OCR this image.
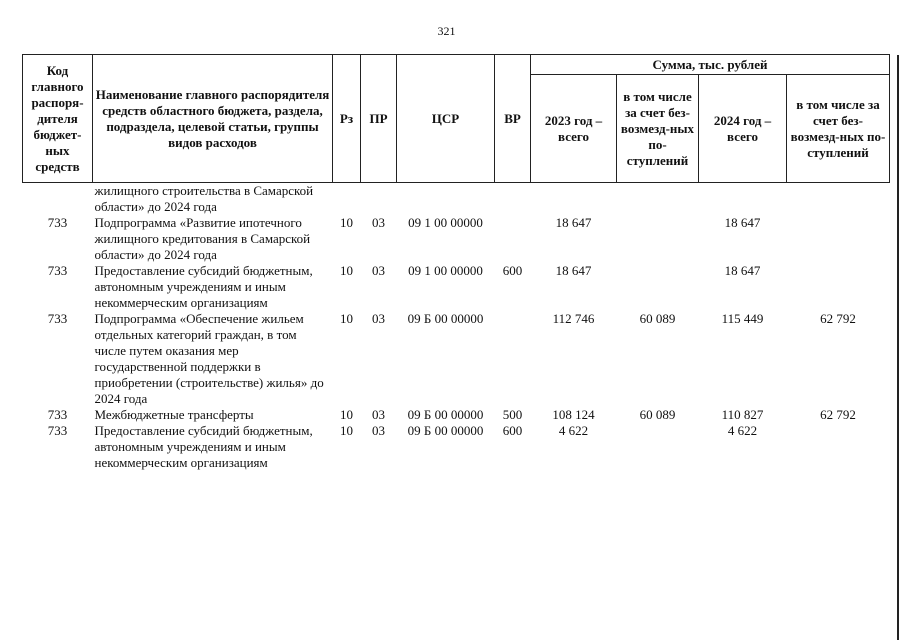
321
Код главного распоря-дителя бюджет-ных средств	Наименование главного распорядителя средств областного бюджета, раздела, подраздела, целевой статьи, группы видов расходов	Рз	ПР	ЦСР	ВР	Сумма, тыс. рублей			
						2023 год – всего	в том числе за счет без-возмезд-ных по-ступлений	2024 год – всего	в том числе за счет без-возмезд-ных по-ступлений
	жилищного строительства в Самарской области» до 2024 года								
733	Подпрограмма «Развитие ипотечного жилищного кредитования в Самарской области» до 2024 года	10	03	09 1 00 00000		18 647		18 647	
733	Предоставление субсидий бюджетным, автономным учреждениям и иным некоммерческим организациям	10	03	09 1 00 00000	600	18 647		18 647	
733	Подпрограмма «Обеспечение жильем отдельных категорий граждан, в том числе путем оказания мер государственной поддержки в приобретении (строительстве) жилья» до 2024 года	10	03	09 Б 00 00000		112 746	60 089	115 449	62 792
733	Межбюджетные трансферты	10	03	09 Б 00 00000	500	108 124	60 089	110 827	62 792
733	Предоставление субсидий бюджетным, автономным учреждениям и иным некоммерческим организациям	10	03	09 Б 00 00000	600	4 622		4 622	
